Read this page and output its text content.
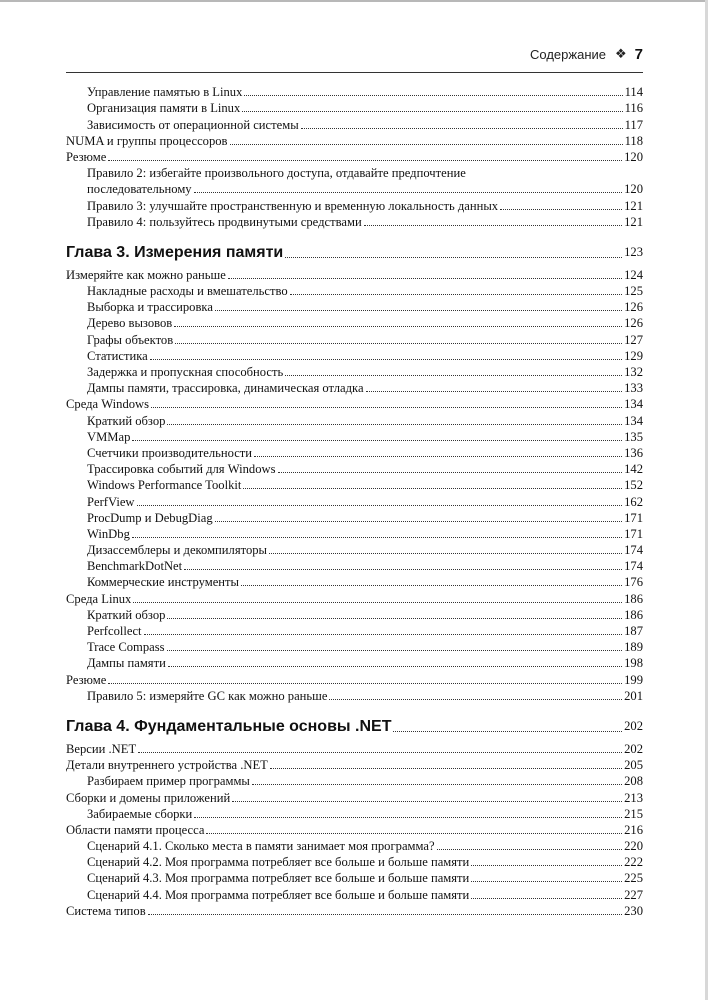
Содержание ❖ 7
Управление памятью в Linux	114
Организация памяти в Linux	116
Зависимость от операционной системы	117
NUMA и группы процессоров	118
Резюме	120
Правило 2: избегайте произвольного доступа, отдавайте предпочтение
последовательному	120
Правило 3: улучшайте пространственную и временную локальность данных	121
Правило 4: пользуйтесь продвинутыми средствами	121
Глава 3. Измерения памяти	123
Измеряйте как можно раньше	124
Накладные расходы и вмешательство	125
Выборка и трассировка	126
Дерево вызовов	126
Графы объектов	127
Статистика	129
Задержка и пропускная способность	132
Дампы памяти, трассировка, динамическая отладка	133
Среда Windows	134
Краткий обзор	134
VMMap	135
Счетчики производительности	136
Трассировка событий для Windows	142
Windows Performance Toolkit	152
PerfView	162
ProcDump и DebugDiag	171
WinDbg	171
Дизассемблеры и декомпиляторы	174
BenchmarkDotNet	174
Коммерческие инструменты	176
Среда Linux	186
Краткий обзор	186
Perfcollect	187
Trace Compass	189
Дампы памяти	198
Резюме	199
Правило 5: измеряйте GC как можно раньше	201
Глава 4. Фундаментальные основы .NET	202
Версии .NET	202
Детали внутреннего устройства .NET	205
Разбираем пример программы	208
Сборки и домены приложений	213
Забираемые сборки	215
Области памяти процесса	216
Сценарий 4.1. Сколько места в памяти занимает моя программа?	220
Сценарий 4.2. Моя программа потребляет все больше и больше памяти	222
Сценарий 4.3. Моя программа потребляет все больше и больше памяти	225
Сценарий 4.4. Моя программа потребляет все больше и больше памяти	227
Система типов	230
